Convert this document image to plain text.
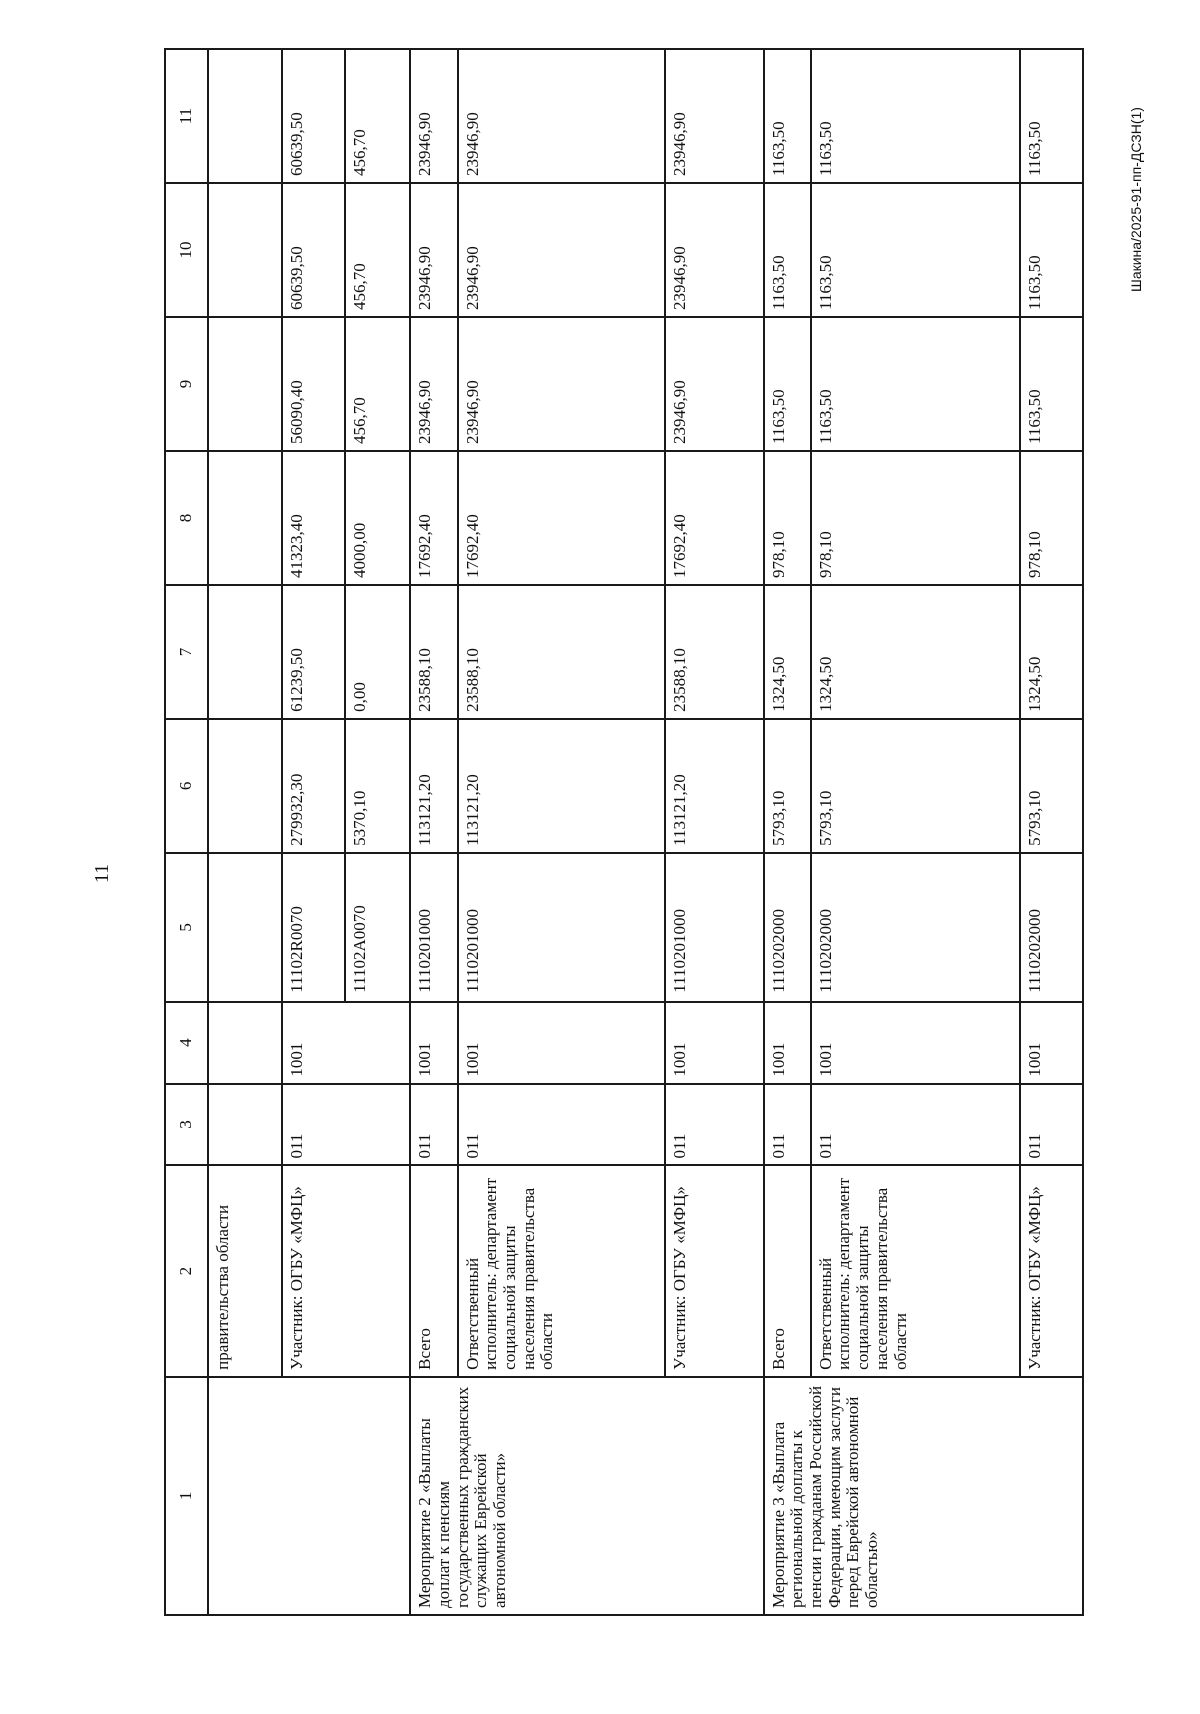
11
Шакина/2025-91-пп-ДСЗН(1)
1	2	3	4	5	6	7	8	9	10	11
	правительства области									
	Участник: ОГБУ «МФЦ»	011	1001	11102R0070	279932,30	61239,50	41323,40	56090,40	60639,50	60639,50
				11102A0070	5370,10	0,00	4000,00	456,70	456,70	456,70
Мероприятие 2 «Выплаты доплат к пенсиям государственных гражданских служащих Еврейской автономной области»	Всего	011	1001	1110201000	113121,20	23588,10	17692,40	23946,90	23946,90	23946,90
	Ответственный исполнитель: департамент социальной защиты населения правительства области	011	1001	1110201000	113121,20	23588,10	17692,40	23946,90	23946,90	23946,90
	Участник: ОГБУ «МФЦ»	011	1001	1110201000	113121,20	23588,10	17692,40	23946,90	23946,90	23946,90
Мероприятие 3 «Выплата региональной доплаты к пенсии гражданам Российской Федерации, имеющим заслуги перед Еврейской автономной областью»	Всего	011	1001	1110202000	5793,10	1324,50	978,10	1163,50	1163,50	1163,50
	Ответственный исполнитель: департамент социальной защиты населения правительства области	011	1001	1110202000	5793,10	1324,50	978,10	1163,50	1163,50	1163,50
	Участник: ОГБУ «МФЦ»	011	1001	1110202000	5793,10	1324,50	978,10	1163,50	1163,50	1163,50
